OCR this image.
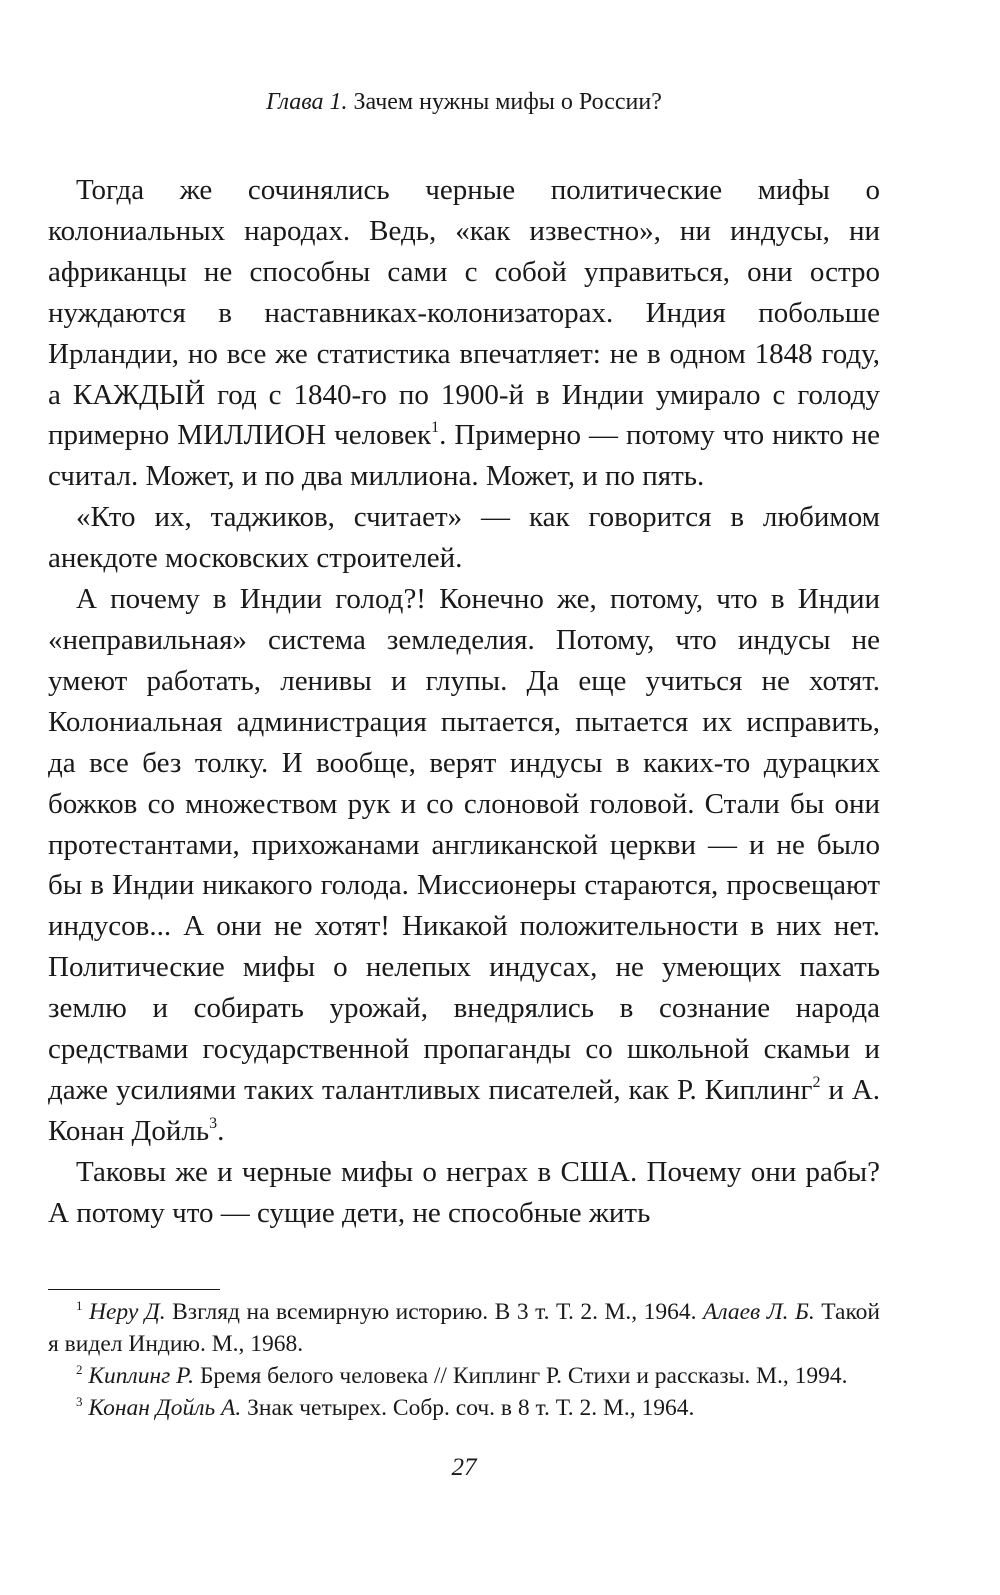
Глава 1. Зачем нужны мифы о России?

Тогда же сочинялись черные политические мифы о колониальных народах. Ведь, «как известно», ни индусы, ни африканцы не способны сами с собой управиться, они остро нуждаются в наставниках-колонизаторах. Индия побольше Ирландии, но все же статистика впечатляет: не в одном 1848 году, а КАЖДЫЙ год с 1840-го по 1900-й в Индии умирало с голоду примерно МИЛЛИОН человек$^1$. Примерно — потому что никто не считал. Может, и по два миллиона. Может, и по пять.

«Кто их, таджиков, считает» — как говорится в любимом анекдоте московских строителей.

А почему в Индии голод?! Конечно же, потому, что в Индии «неправильная» система земледелия. Потому, что индусы не умеют работать, ленивы и глупы. Да еще учиться не хотят. Колониальная администрация пытается, пытается их исправить, да все без толку. И вообще, верят индусы в каких-то дурацких божков со множеством рук и со слоновой головой. Стали бы они протестантами, прихожанами англиканской церкви — и не было бы в Индии никакого голода. Миссионеры стараются, просвещают индусов... А они не хотят! Никакой положительности в них нет. Политические мифы о нелепых индусах, не умеющих пахать землю и собирать урожай, внедрялись в сознание народа средствами государственной пропаганды со школьной скамьи и даже усилиями таких талантливых писателей, как Р. Киплинг$^2$ и А. Конан Дойль$^3$.

Таковы же и черные мифы о неграх в США. Почему они рабы? А потому что — сущие дети, не способные жить

$^1$ Неру Д. Взгляд на всемирную историю. В 3 т. Т. 2. М., 1964. Алаев Л. Б. Такой я видел Индию. М., 1968.

$^2$ Киплинг Р. Бремя белого человека // Киплинг Р. Стихи и рассказы. М., 1994.

$^3$ Конан Дойль А. Знак четырех. Собр. соч. в 8 т. Т. 2. М., 1964.

27
